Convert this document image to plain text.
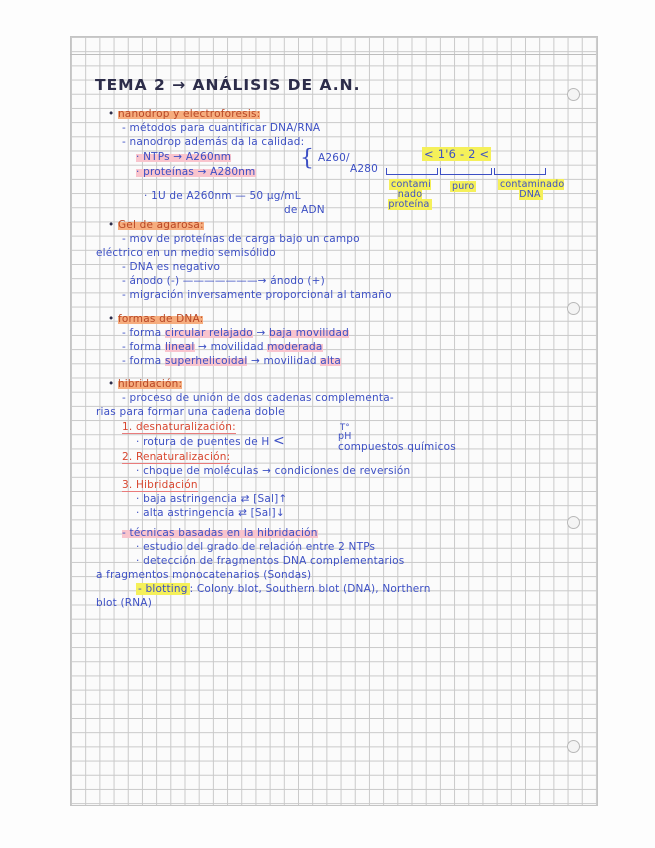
TEMA 2 → ANÁLISIS DE A.N.
• nanodrop y electroforesis:
- métodos para cuantificar DNA/RNA
- nanodrop además da la calidad:
· NTPs → A260nm
· proteínas → A280nm
{ A260/
A280
< 1'6 - 2 <
contami nado proteína
puro	contaminado DNA
· 1U de A260nm — 50 μg/mL
de ADN
• Gel de agarosa:
- mov de proteínas de carga bajo un campo
eléctrico en un medio semisólido
- DNA es negativo
- ánodo (-) ———————→ ánodo (+)
- migración inversamente proporcional al tamaño
• formas de DNA:
- forma circular relajado → baja movilidad
- forma lineal → movilidad moderada
- forma superhelicoidal → movilidad alta
• hibridación:
- proceso de unión de dos cadenas complementa-
rias para formar una cadena doble
1. desnaturalización:	T°
· rotura de puentes de H <	pH
compuestos químicos
2. Renaturalización:
· choque de moléculas → condiciones de reversión
3. Hibridación
· baja astringencia ⇄ [Sal]↑
· alta astringencia ⇄ [Sal]↓
- técnicas basadas en la hibridación
· estudio del grado de relación entre 2 NTPs
· detección de fragmentos DNA complementarios
a fragmentos monocatenarios (Sondas)
- blotting : Colony blot, Southern blot (DNA), Northern
blot (RNA)
